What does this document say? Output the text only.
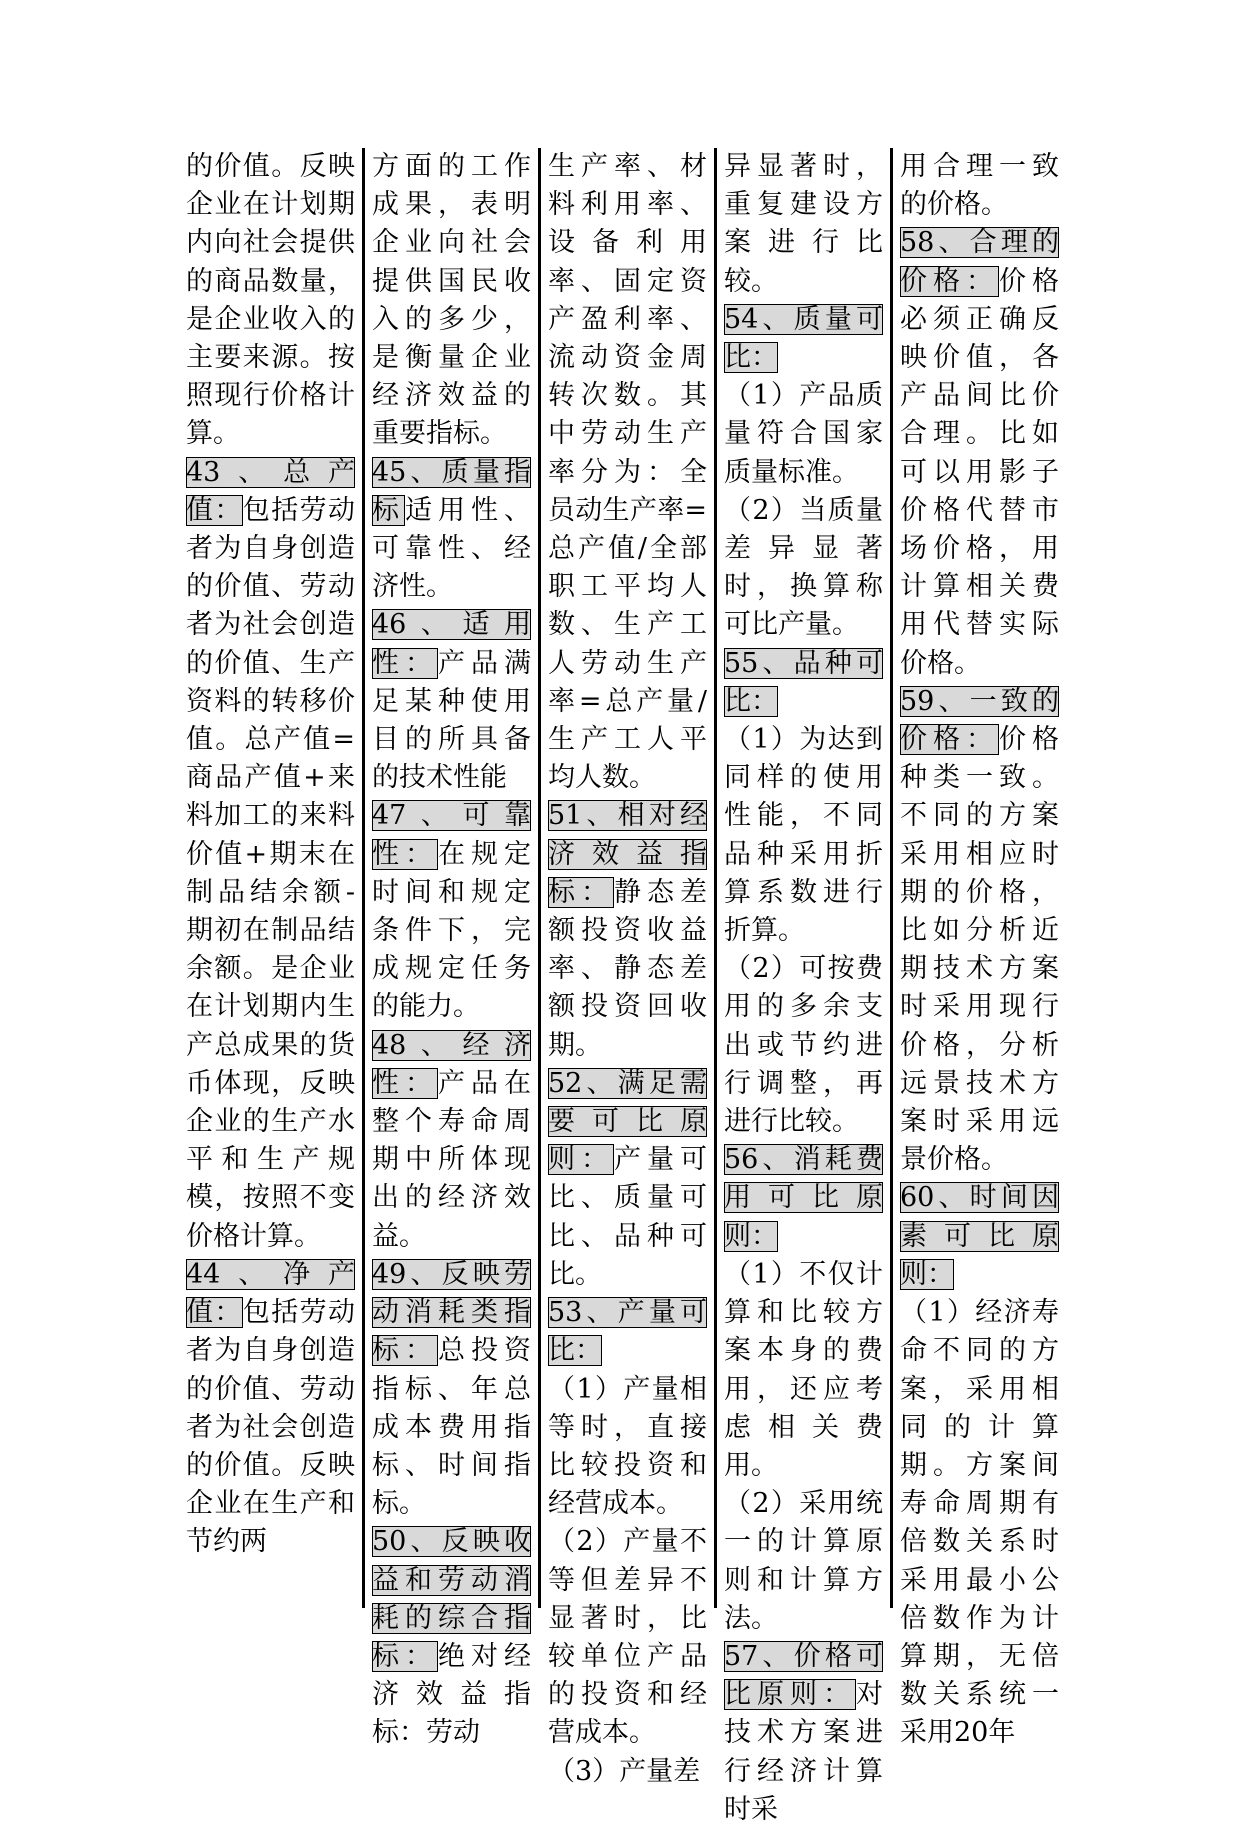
的价值。反映企业在计划期内向社会提供的商品数量，是企业收入的主要来源。按照现行价格计算。

43、总产值：包括劳动者为自身创造的价值、劳动者为社会创造的价值、生产资料的转移价值。总产值=商品产值+来料加工的来料价值+期末在制品结余额-期初在制品结余额。是企业在计划期内生产总成果的货币体现，反映企业的生产水平和生产规模，按照不变价格计算。

44、净产值：包括劳动者为自身创造的价值、劳动者为社会创造的价值。反映企业在生产和节约两

方面的工作成果，表明企业向社会提供国民收入的多少，是衡量企业经济效益的重要指标。

45、质量指标适用性、可靠性、经济性。

46、适用性：产品满足某种使用目的所具备的技术性能

47、可靠性：在规定时间和规定条件下，完成规定任务的能力。

48、经济性：产品在整个寿命周期中所体现出的经济效益。

49、反映劳动消耗类指标：总投资指标、年总成本费用指标、时间指标。

50、反映收益和劳动消耗的综合指标：绝对经济效益指标：劳动

生产率、材料利用率、设备利用率、固定资产盈利率、流动资金周转次数。其中劳动生产率分为：全员动生产率=总产值/全部职工平均人数、生产工人劳动生产率=总产量/生产工人平均人数。

51、相对经济效益指标：静态差额投资收益率、静态差额投资回收期。

52、满足需要可比原则：产量可比、质量可比、品种可比。

53、产量可比：

（1）产量相等时，直接比较投资和经营成本。

（2）产量不等但差异不显著时，比较单位产品的投资和经营成本。

（3）产量差

异显著时，重复建设方案进行比较。

54、质量可比：

（1）产品质量符合国家质量标准。

（2）当质量差异显著时，换算称可比产量。

55、品种可比：

（1）为达到同样的使用性能，不同品种采用折算系数进行折算。

（2）可按费用的多余支出或节约进行调整，再进行比较。

56、消耗费用可比原则：

（1）不仅计算和比较方案本身的费用，还应考虑相关费用。

（2）采用统一的计算原则和计算方法。

57、价格可比原则：对技术方案进行经济计算时采

用合理一致的价格。

58、合理的价格：价格必须正确反映价值，各产品间比价合理。比如可以用影子价格代替市场价格，用计算相关费用代替实际价格。

59、一致的价格：价格种类一致。不同的方案采用相应时期的价格，比如分析近期技术方案时采用现行价格，分析远景技术方案时采用远景价格。

60、时间因素可比原则：

（1）经济寿命不同的方案，采用相同的计算期。方案间寿命周期有倍数关系时采用最小公倍数作为计算期，无倍数关系统一采用20年
